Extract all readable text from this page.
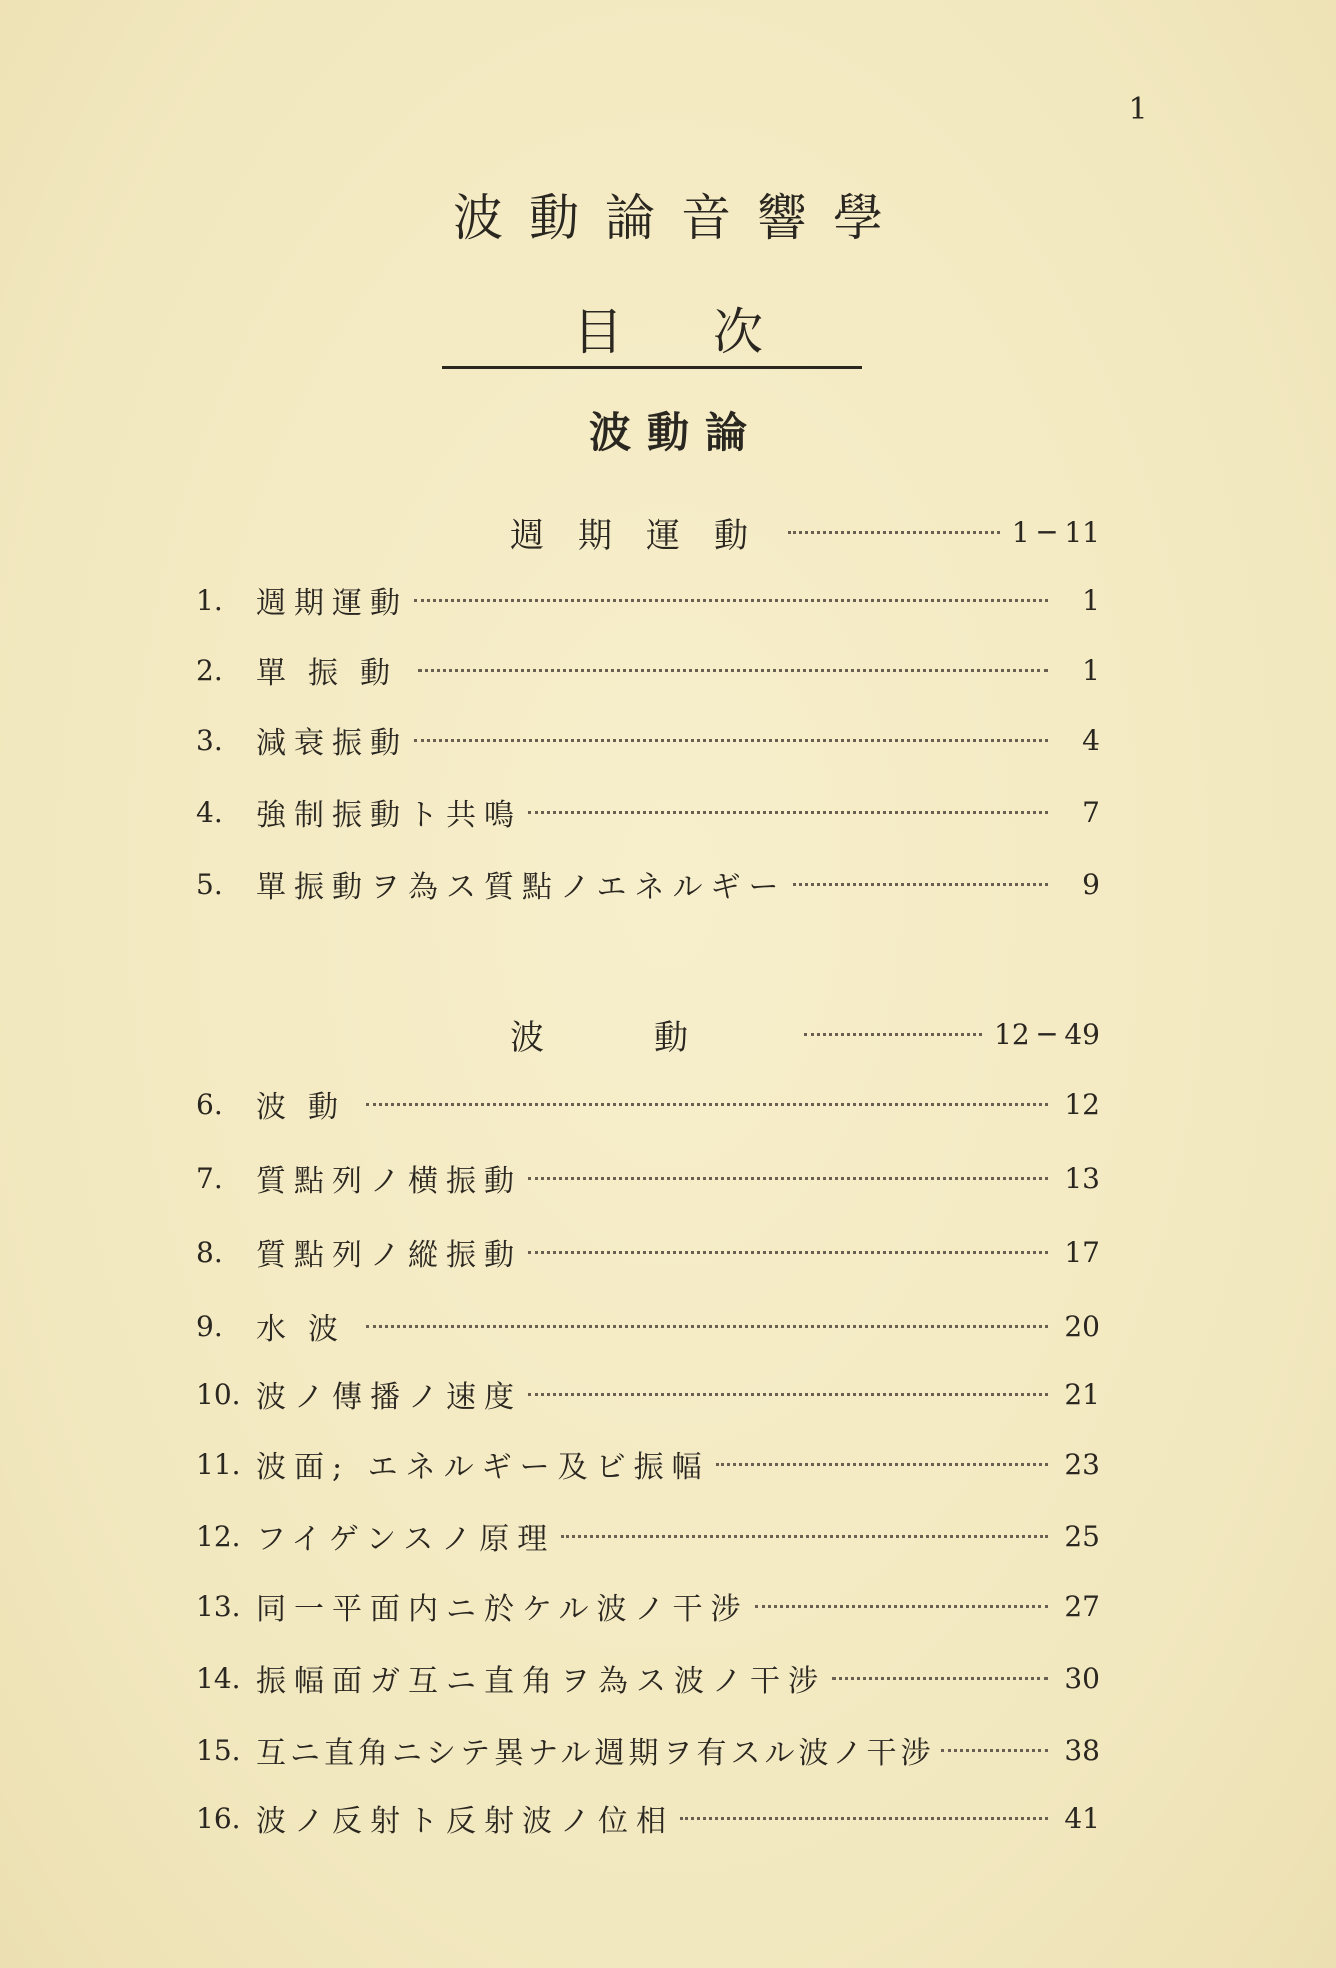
1
波動論音響學
目次
波動論
週期運動	1 ─ 11
1.	週期運動	1
2.	單振動	1
3.	減衰振動	4
4.	強制振動ト共鳴	7
5.	單振動ヲ為ス質點ノエネルギー	9
波動	12 ─ 49
6.	波動	12
7.	質點列ノ横振動	13
8.	質點列ノ縱振動	17
9.	水波	20
10. 波ノ傳播ノ速度	21
11. 波面; エネルギー及ビ振幅	23
12. フイゲンスノ原理	25
13. 同一平面内ニ於ケル波ノ干涉	27
14. 振幅面ガ互ニ直角ヲ為ス波ノ干涉	30
15. 互ニ直角ニシテ異ナル週期ヲ有スル波ノ干涉	38
16. 波ノ反射ト反射波ノ位相	41
